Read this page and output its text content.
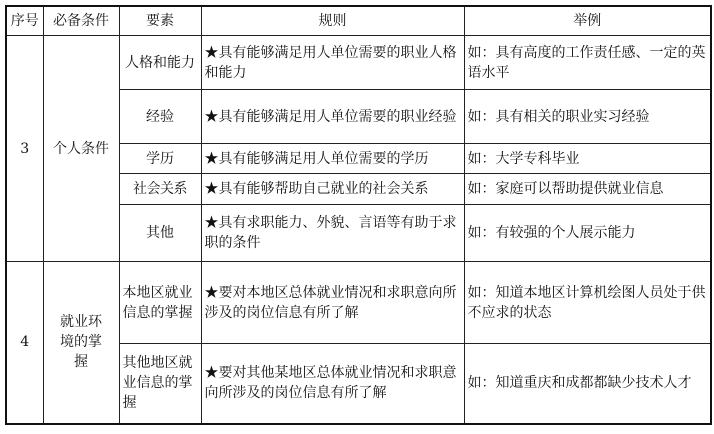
序号	必备条件	要素	规则	举例
3	个人条件	人格和能力	★具有能够满足用人单位需要的职业人格和能力	如：具有高度的工作责任感、一定的英语水平
		经验	★具有能够满足用人单位需要的职业经验	如：具有相关的职业实习经验
		学历	★具有能够满足用人单位需要的学历	如：大学专科毕业
		社会关系	★具有能够帮助自己就业的社会关系	如：家庭可以帮助提供就业信息
		其他	★具有求职能力、外貌、言语等有助于求职的条件	如：有较强的个人展示能力
4	就业环境的掌握	本地区就业信息的掌握	★要对本地区总体就业情况和求职意向所涉及的岗位信息有所了解	如：知道本地区计算机绘图人员处于供不应求的状态
		其他地区就业信息的掌握	★要对其他某地区总体就业情况和求职意向所涉及的岗位信息有所了解	如：知道重庆和成都都缺少技术人才
